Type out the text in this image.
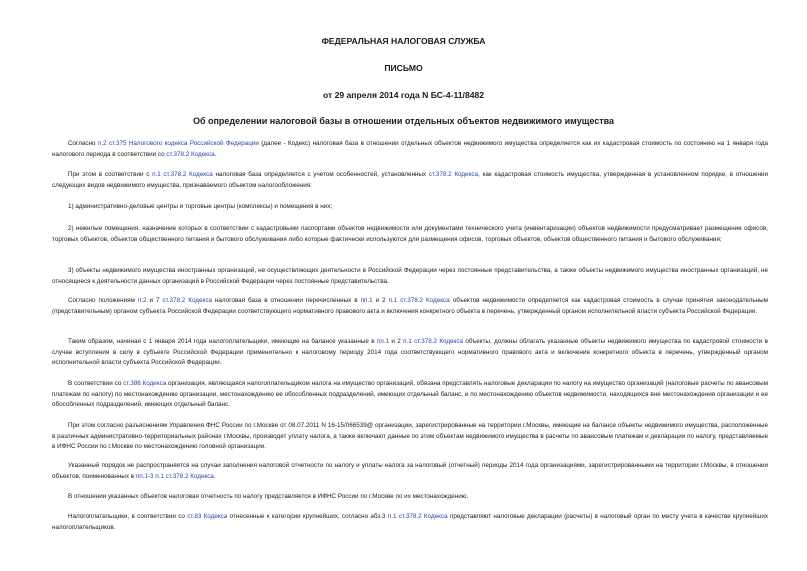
ФЕДЕРАЛЬНАЯ НАЛОГОВАЯ СЛУЖБА

ПИСЬМО

от 29 апреля 2014 года N БС-4-11/8482

Об определении налоговой базы в отношении отдельных объектов недвижимого имущества

Согласно п.2 ст.375 Налогового кодекса Российской Федерации (далее - Кодекс) налоговая база в отношении отдельных объектов недвижимого имущества определяется как их кадастровая стоимость по состоянию на 1 января года налогового периода в соответствии со ст.378.2 Кодекса.

При этом в соответствии с п.1 ст.378.2 Кодекса налоговая база определяется с учетом особенностей, установленных ст.378.2 Кодекса, как кадастровая стоимость имущества, утвержденная в установленном порядке, в отношении следующих видов недвижимого имущества, признаваемого объектом налогообложения:

1) административно-деловые центры и торговые центры (комплексы) и помещения в них;

2) нежилые помещения, назначение которых в соответствии с кадастровыми паспортами объектов недвижимости или документами технического учета (инвентаризации) объектов недвижимости предусматривает размещение офисов, торговых объектов, объектов общественного питания и бытового обслуживания либо которые фактически используются для размещения офисов, торговых объектов, объектов общественного питания и бытового обслуживания;

3) объекты недвижимого имущества иностранных организаций, не осуществляющих деятельности в Российской Федерации через постоянные представительства, а также объекты недвижимого имущества иностранных организаций, не относящиеся к деятельности данных организаций в Российской Федерации через постоянные представительства.

Согласно положениям п.2 и 7 ст.378.2 Кодекса налоговая база в отношении перечисленных в пп.1 и 2 п.1 ст.378.2 Кодекса объектов недвижимости определяется как кадастровая стоимость в случае принятия законодательным (представительным) органом субъекта Российской Федерации соответствующего нормативного правового акта и включения конкретного объекта в перечень, утвержденный органом исполнительной власти субъекта Российской Федерации.

Таким образом, начиная с 1 января 2014 года налогоплательщики, имеющие на балансе указанные в пп.1 и 2 п.1 ст.378.2 Кодекса объекты, должны облагать указанные объекты недвижимого имущества по кадастровой стоимости в случае вступления в силу в субъекте Российской Федерации применительно к налоговому периоду 2014 года соответствующего нормативного правового акта и включения конкретного объекта в перечень, утвержденный органом исполнительной власти субъекта Российской Федерации.

В соответствии со ст.386 Кодекса организация, являющаяся налогоплательщиком налога на имущество организаций, обязана представлять налоговые декларации по налогу на имущество организаций (налоговые расчеты по авансовым платежам по налогу) по местонахождению организации, местонахождению ее обособленных подразделений, имеющих отдельный баланс, и по местонахождению объектов недвижимости, находящихся вне местонахождения организации и ее обособленных подразделений, имеющих отдельный баланс.

При этом согласно разъяснениям Управления ФНС России по г.Москве от 08.07.2011 N 16-15/066539@ организации, зарегистрированные на территории г.Москвы, имеющие на балансе объекты недвижимого имущества, расположенные в различных административно-территориальных районах г.Москвы, производят уплату налога, а также включают данные по этим объектам недвижимого имущества в расчеты по авансовым платежам и декларации по налогу, представляемые в ИФНС России по г.Москве по местонахождению головной организации.

Указанный порядок не распространяется на случаи заполнения налоговой отчетности по налогу и уплаты налога за налоговый (отчетный) периоды 2014 года организациями, зарегистрированными на территории г.Москвы, в отношении объектов, поименованных в пп.1-3 п.1 ст.378.2 Кодекса.

В отношении указанных объектов налоговая отчетность по налогу представляется в ИФНС России по г.Москве по их местонахождению.

Налогоплательщики, в соответствии со ст.83 Кодекса отнесенные к категории крупнейших, согласно абз.3 п.1 ст.378.2 Кодекса представляют налоговые декларации (расчеты) в налоговый орган по месту учета в качестве крупнейших налогоплательщиков.
